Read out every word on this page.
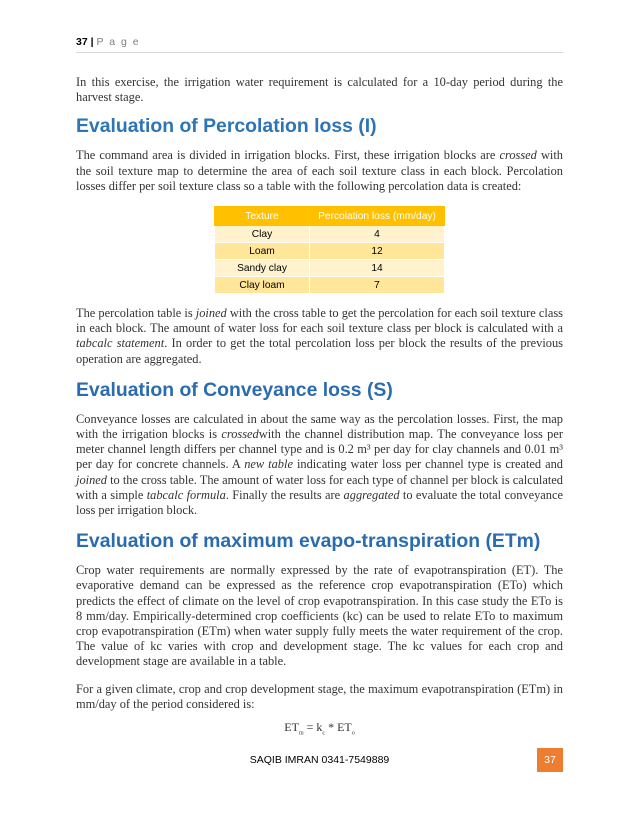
37 | P a g e

In this exercise, the irrigation water requirement is calculated for a 10-day period during the harvest stage.

Evaluation of Percolation loss (I)

The command area is divided in irrigation blocks. First, these irrigation blocks are crossed with the soil texture map to determine the area of each soil texture class in each block. Percolation losses differ per soil texture class so a table with the following percolation data is created:

Texture	Percolation loss (mm/day)
Clay	4
Loam	12
Sandy clay	14
Clay loam	7

The percolation table is joined with the cross table to get the percolation for each soil texture class in each block. The amount of water loss for each soil texture class per block is calculated with a tabcalc statement. In order to get the total percolation loss per block the results of the previous operation are aggregated.

Evaluation of Conveyance loss (S)

Conveyance losses are calculated in about the same way as the percolation losses. First, the map with the irrigation blocks is crossedwith the channel distribution map. The conveyance loss per meter channel length differs per channel type and is 0.2 m³ per day for clay channels and 0.01 m³ per day for concrete channels. A new table indicating water loss per channel type is created and joined to the cross table. The amount of water loss for each type of channel per block is calculated with a simple tabcalc formula. Finally the results are aggregated to evaluate the total conveyance loss per irrigation block.

Evaluation of maximum evapo-transpiration (ETm)

Crop water requirements are normally expressed by the rate of evapotranspiration (ET). The evaporative demand can be expressed as the reference crop evapotranspiration (ETo) which predicts the effect of climate on the level of crop evapotranspiration. In this case study the ETo is 8 mm/day. Empirically-determined crop coefficients (kc) can be used to relate ETo to maximum crop evapotranspiration (ETm) when water supply fully meets the water requirement of the crop. The value of kc varies with crop and development stage. The kc values for each crop and development stage are available in a table.

For a given climate, crop and crop development stage, the maximum evapotranspiration (ETm) in mm/day of the period considered is:

$ET_m = k_c * ET_o$
SAQIB IMRAN 0341-7549889	37
